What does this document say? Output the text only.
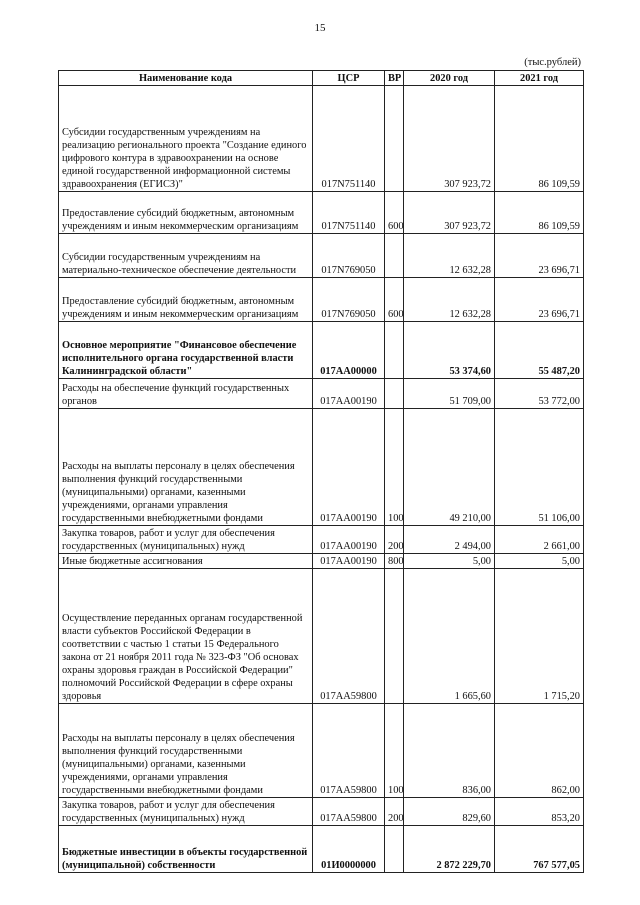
15
(тыс.рублей)
Наименование кода	ЦСР	ВР	2020 год	2021 год
Субсидии государственным учреждениям на реализацию регионального проекта "Создание единого цифрового контура в здравоохранении на основе единой государственной информационной системы здравоохранения (ЕГИСЗ)"	017N751140		307 923,72	86 109,59
Предоставление субсидий бюджетным, автономным учреждениям и иным некоммерческим организациям	017N751140	600	307 923,72	86 109,59
Субсидии государственным учреждениям на материально-техническое обеспечение деятельности	017N769050		12 632,28	23 696,71
Предоставление субсидий бюджетным, автономным учреждениям и иным некоммерческим организациям	017N769050	600	12 632,28	23 696,71
Основное мероприятие "Финансовое обеспечение исполнительного органа государственной власти Калининградской области"	017АА00000		53 374,60	55 487,20
Расходы на обеспечение функций государственных органов	017АА00190		51 709,00	53 772,00
Расходы на выплаты персоналу в целях обеспечения выполнения функций государственными (муниципальными) органами, казенными учреждениями, органами управления государственными внебюджетными фондами	017АА00190	100	49 210,00	51 106,00
Закупка товаров, работ и услуг для обеспечения государственных (муниципальных) нужд	017АА00190	200	2 494,00	2 661,00
Иные бюджетные ассигнования	017АА00190	800	5,00	5,00
Осуществление переданных органам государственной власти субъектов Российской Федерации в соответствии с частью 1 статьи 15 Федерального закона от 21 ноября 2011 года № 323-ФЗ "Об основах охраны здоровья граждан в Российской Федерации" полномочий Российской Федерации в сфере охраны здоровья	017АА59800		1 665,60	1 715,20
Расходы на выплаты персоналу в целях обеспечения выполнения функций государственными (муниципальными) органами, казенными учреждениями, органами управления государственными внебюджетными фондами	017АА59800	100	836,00	862,00
Закупка товаров, работ и услуг для обеспечения государственных (муниципальных) нужд	017АА59800	200	829,60	853,20
Бюджетные инвестиции в объекты государственной (муниципальной) собственности	01И0000000		2 872 229,70	767 577,05
